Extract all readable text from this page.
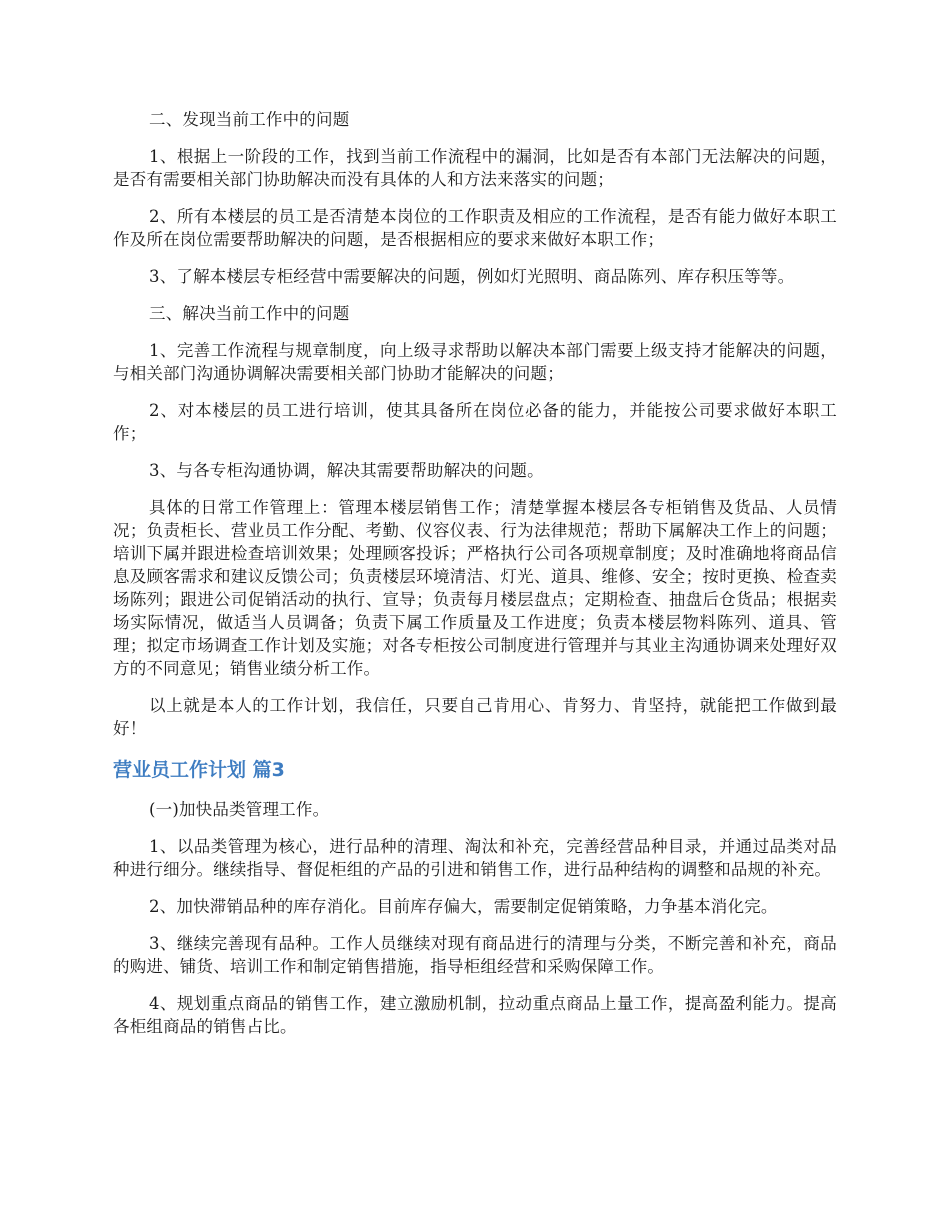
二、发现当前工作中的问题

1、根据上一阶段的工作，找到当前工作流程中的漏洞，比如是否有本部门无法解决的问题，是否有需要相关部门协助解决而没有具体的人和方法来落实的问题；

2、所有本楼层的员工是否清楚本岗位的工作职责及相应的工作流程，是否有能力做好本职工作及所在岗位需要帮助解决的问题，是否根据相应的要求来做好本职工作；

3、了解本楼层专柜经营中需要解决的问题，例如灯光照明、商品陈列、库存积压等等。

三、解决当前工作中的问题

1、完善工作流程与规章制度，向上级寻求帮助以解决本部门需要上级支持才能解决的问题，与相关部门沟通协调解决需要相关部门协助才能解决的问题；

2、对本楼层的员工进行培训，使其具备所在岗位必备的能力，并能按公司要求做好本职工作；

3、与各专柜沟通协调，解决其需要帮助解决的问题。

具体的日常工作管理上：管理本楼层销售工作；清楚掌握本楼层各专柜销售及货品、人员情况；负责柜长、营业员工作分配、考勤、仪容仪表、行为法律规范；帮助下属解决工作上的问题；培训下属并跟进检查培训效果；处理顾客投诉；严格执行公司各项规章制度；及时准确地将商品信息及顾客需求和建议反馈公司；负责楼层环境清洁、灯光、道具、维修、安全；按时更换、检查卖场陈列；跟进公司促销活动的执行、宣导；负责每月楼层盘点；定期检查、抽盘后仓货品；根据卖场实际情况，做适当人员调备；负责下属工作质量及工作进度；负责本楼层物料陈列、道具、管理；拟定市场调查工作计划及实施；对各专柜按公司制度进行管理并与其业主沟通协调来处理好双方的不同意见；销售业绩分析工作。

以上就是本人的工作计划，我信任，只要自己肯用心、肯努力、肯坚持，就能把工作做到最好！

营业员工作计划 篇3

(一)加快品类管理工作。

1、以品类管理为核心，进行品种的清理、淘汰和补充，完善经营品种目录，并通过品类对品种进行细分。继续指导、督促柜组的产品的引进和销售工作，进行品种结构的调整和品规的补充。

2、加快滞销品种的库存消化。目前库存偏大，需要制定促销策略，力争基本消化完。

3、继续完善现有品种。工作人员继续对现有商品进行的清理与分类，不断完善和补充，商品的购进、铺货、培训工作和制定销售措施，指导柜组经营和采购保障工作。

4、规划重点商品的销售工作，建立激励机制，拉动重点商品上量工作，提高盈利能力。提高各柜组商品的销售占比。
